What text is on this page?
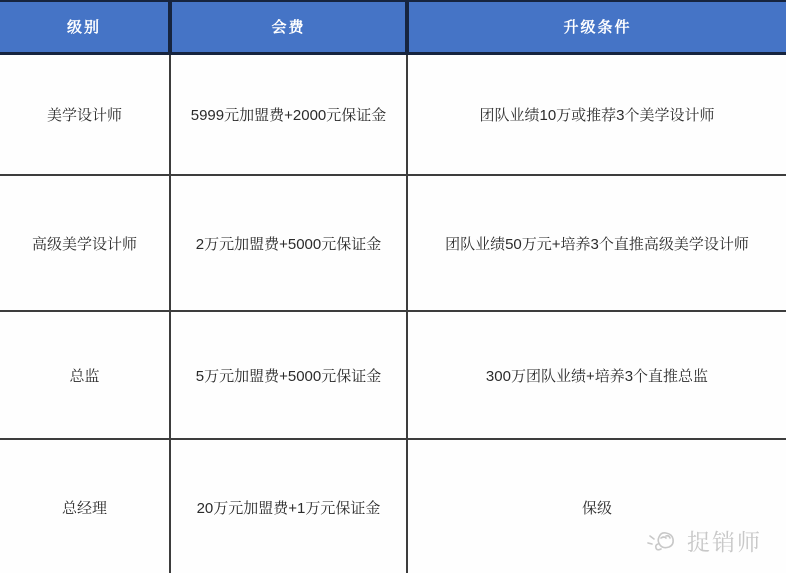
级别	会费	升级条件
美学设计师	5999元加盟费+2000元保证金	团队业绩10万或推荐3个美学设计师
高级美学设计师	2万元加盟费+5000元保证金	团队业绩50万元+培养3个直推高级美学设计师
总监	5万元加盟费+5000元保证金	300万团队业绩+培养3个直推总监
总经理	20万元加盟费+1万元保证金	保级
捉销师
